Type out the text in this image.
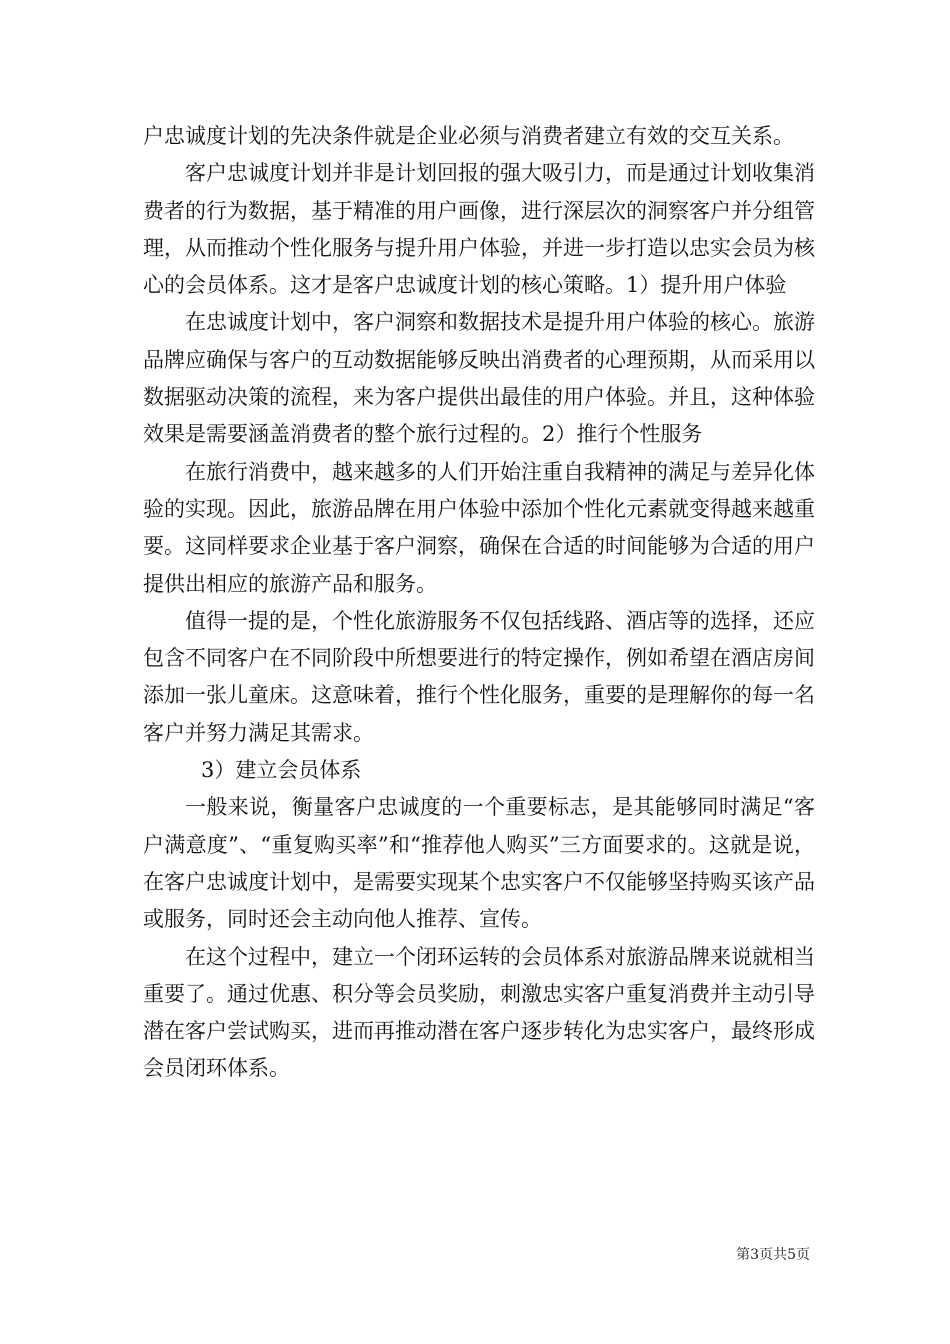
户忠诚度计划的先决条件就是企业必须与消费者建立有效的交互关系。

客户忠诚度计划并非是计划回报的强大吸引力，而是通过计划收集消费者的行为数据，基于精准的用户画像，进行深层次的洞察客户并分组管理，从而推动个性化服务与提升用户体验，并进一步打造以忠实会员为核心的会员体系。这才是客户忠诚度计划的核心策略。1）提升用户体验

在忠诚度计划中，客户洞察和数据技术是提升用户体验的核心。旅游品牌应确保与客户的互动数据能够反映出消费者的心理预期，从而采用以数据驱动决策的流程，来为客户提供出最佳的用户体验。并且，这种体验效果是需要涵盖消费者的整个旅行过程的。2）推行个性服务

在旅行消费中，越来越多的人们开始注重自我精神的满足与差异化体验的实现。因此，旅游品牌在用户体验中添加个性化元素就变得越来越重要。这同样要求企业基于客户洞察，确保在合适的时间能够为合适的用户提供出相应的旅游产品和服务。

值得一提的是，个性化旅游服务不仅包括线路、酒店等的选择，还应包含不同客户在不同阶段中所想要进行的特定操作，例如希望在酒店房间添加一张儿童床。这意味着，推行个性化服务，重要的是理解你的每一名客户并努力满足其需求。

3）建立会员体系

一般来说，衡量客户忠诚度的一个重要标志，是其能够同时满足“客户满意度”、“重复购买率”和“推荐他人购买”三方面要求的。这就是说，在客户忠诚度计划中，是需要实现某个忠实客户不仅能够坚持购买该产品或服务，同时还会主动向他人推荐、宣传。

在这个过程中，建立一个闭环运转的会员体系对旅游品牌来说就相当重要了。通过优惠、积分等会员奖励，刺激忠实客户重复消费并主动引导潜在客户尝试购买，进而再推动潜在客户逐步转化为忠实客户，最终形成会员闭环体系。

第3页共5页
